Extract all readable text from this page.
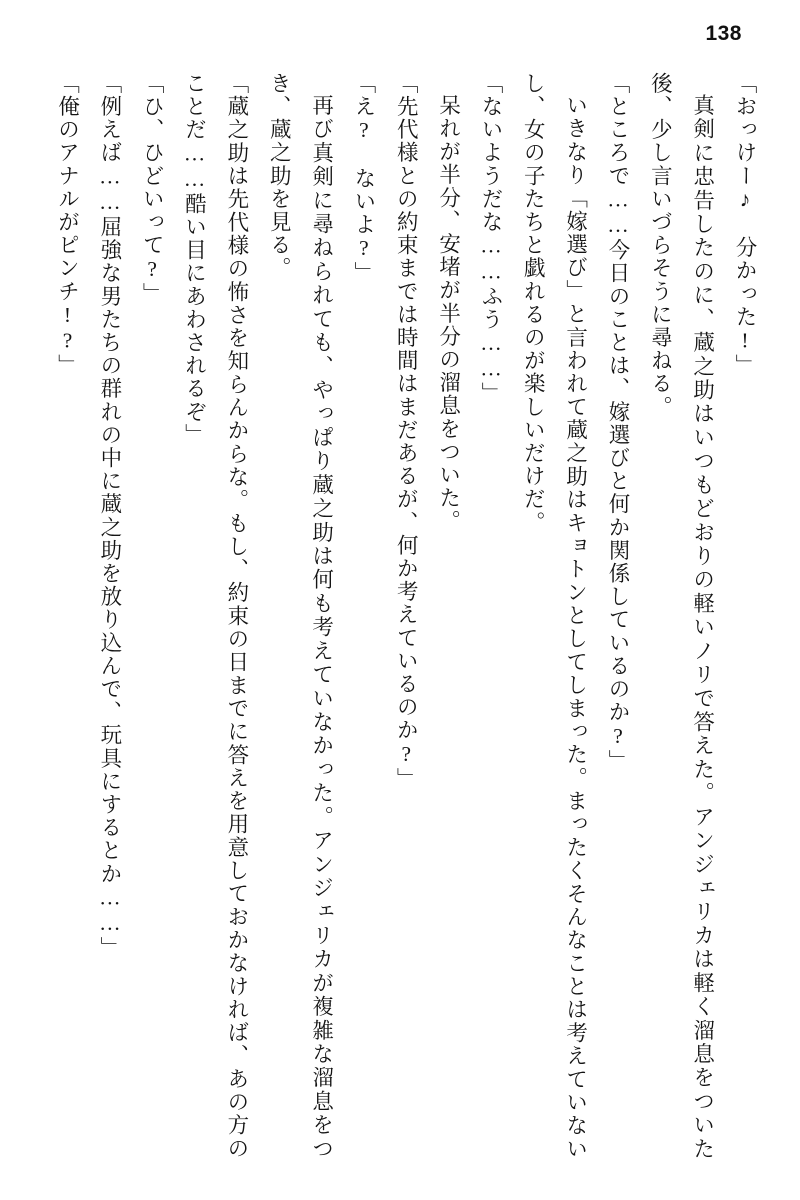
138

「おっけー♪　分かった!」

真剣に忠告したのに、蔵之助はいつもどおりの軽いノリで答えた。アンジェリカは軽く溜息をついた後、少し言いづらそうに尋ねる。

「ところで……今日のことは、嫁選びと何か関係しているのか?」

いきなり「嫁選び」と言われて蔵之助はキョトンとしてしまった。まったくそんなことは考えていないし、女の子たちと戯れるのが楽しいだけだ。

「ないようだな……ふう……」

呆れが半分、安堵が半分の溜息をついた。

「先代様との約束までは時間はまだあるが、何か考えているのか?」

「え?　ないよ?」

再び真剣に尋ねられても、やっぱり蔵之助は何も考えていなかった。アンジェリカが複雑な溜息をつき、蔵之助を見る。

「蔵之助は先代様の怖さを知らんからな。もし、約束の日までに答えを用意しておかなければ、あの方のことだ……酷い目にあわされるぞ」

「ひ、ひどいって?」

「例えば……屈強な男たちの群れの中に蔵之助を放り込んで、玩具にするとか……」

「俺のアナルがピンチ!?」
